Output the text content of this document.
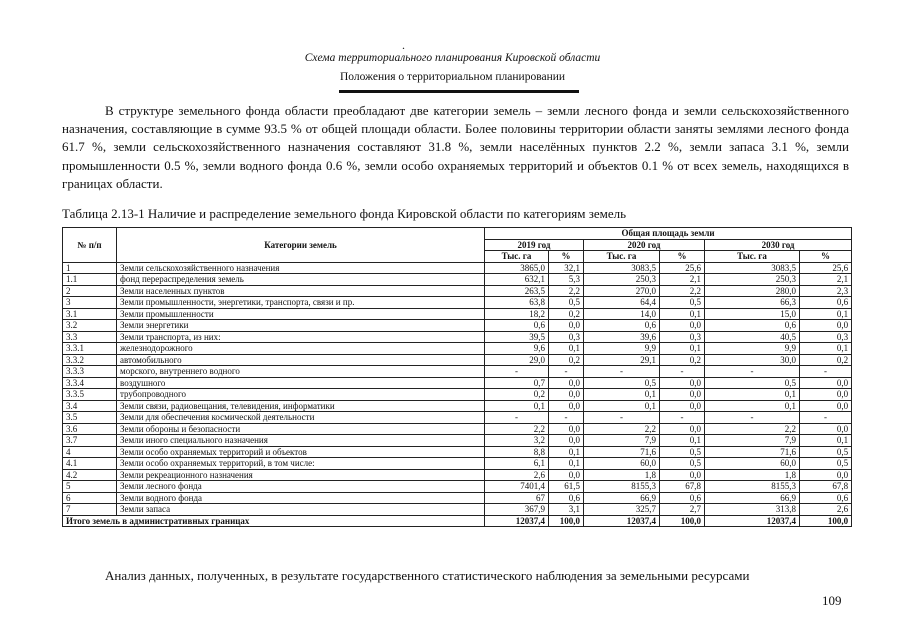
.
Схема территориального планирования Кировской области
Положения о территориальном планировании

В структуре земельного фонда области преобладают две категории земель – земли лесного фонда и земли сельскохозяйственного назначения, составляющие в сумме 93.5 % от общей площади области. Более половины территории области заняты землями лесного фонда 61.7 %, земли сельскохозяйственного назначения составляют 31.8 %, земли населённых пунктов 2.2 %, земли запаса 3.1 %, земли промышленности 0.5 %, земли водного фонда 0.6 %, земли особо охраняемых территорий и объектов 0.1 % от всех земель, находящихся в границах области.

Таблица 2.13-1 Наличие и распределение земельного фонда Кировской области по категориям земель
№ п/п	Категории земель	Общая площадь земли					
		2019 год		2020 год		2030 год	
		Тыс. га	%	Тыс. га	%	Тыс. га	%
1	Земли сельскохозяйственного назначения	3865,0	32,1	3083,5	25,6	3083,5	25,6
1.1	фонд перераспределения земель	632,1	5,3	250,3	2,1	250,3	2,1
2	Земли населенных пунктов	263,5	2,2	270,0	2,2	280,0	2,3
3	Земли промышленности, энергетики, транспорта, связи и пр.	63,8	0,5	64,4	0,5	66,3	0,6
3.1	Земли промышленности	18,2	0,2	14,0	0,1	15,0	0,1
3.2	Земли энергетики	0,6	0,0	0,6	0,0	0,6	0,0
3.3	Земли транспорта, из них:	39,5	0,3	39,6	0,3	40,5	0,3
3.3.1	железнодорожного	9,6	0,1	9,9	0,1	9,9	0,1
3.3.2	автомобильного	29,0	0,2	29,1	0,2	30,0	0,2
3.3.3	морского, внутреннего водного	-	-	-	-	-	-
3.3.4	воздушного	0,7	0,0	0,5	0,0	0,5	0,0
3.3.5	трубопроводного	0,2	0,0	0,1	0,0	0,1	0,0
3.4	Земли связи, радиовещания, телевидения, информатики	0,1	0,0	0,1	0,0	0,1	0,0
3.5	Земли для обеспечения космической деятельности	-	-	-	-	-	-
3.6	Земли обороны и безопасности	2,2	0,0	2,2	0,0	2,2	0,0
3.7	Земли иного специального назначения	3,2	0,0	7,9	0,1	7,9	0,1
4	Земли особо охраняемых территорий и объектов	8,8	0,1	71,6	0,5	71,6	0,5
4.1	Земли особо охраняемых территорий, в том числе:	6,1	0,1	60,0	0,5	60,0	0,5
4.2	Земли рекреационного назначения	2,6	0,0	1,8	0,0	1,8	0,0
5	Земли лесного фонда	7401,4	61,5	8155,3	67,8	8155,3	67,8
6	Земли водного фонда	67	0,6	66,9	0,6	66,9	0,6
7	Земли запаса	367,9	3,1	325,7	2,7	313,8	2,6
Итого земель в административных границах		12037,4	100,0	12037,4	100,0	12037,4	100,0

Анализ данных, полученных, в результате государственного статистического наблюдения за земельными ресурсами

109
